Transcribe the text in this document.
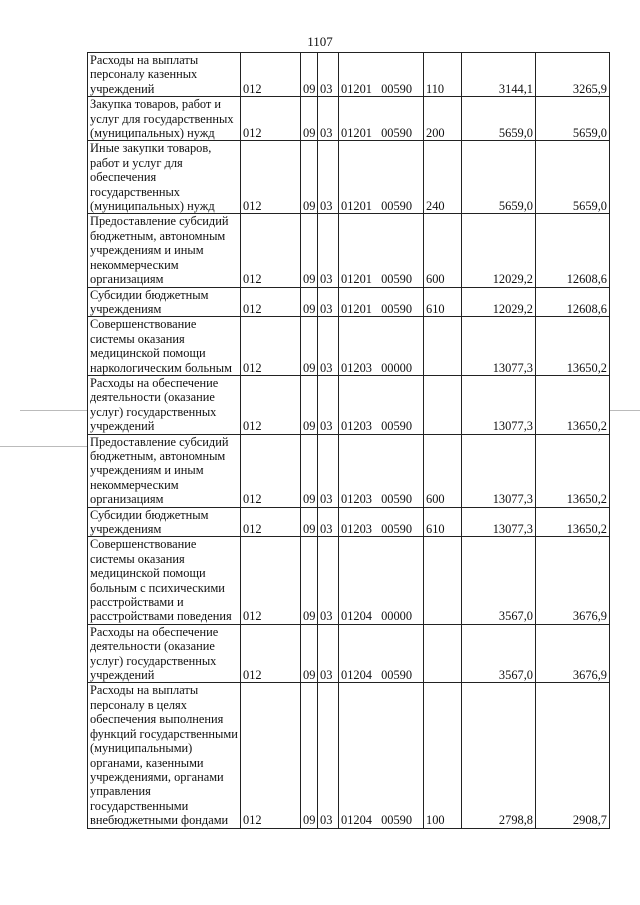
1107
Расходы на выплаты персоналу казенных учреждений	012	09	03	01201 00590	110	3144,1	3265,9
Закупка товаров, работ и услуг для государственных (муниципальных) нужд	012	09	03	01201 00590	200	5659,0	5659,0
Иные закупки товаров, работ и услуг для обеспечения государственных (муниципальных) нужд	012	09	03	01201 00590	240	5659,0	5659,0
Предоставление субсидий бюджетным, автономным учреждениям и иным некоммерческим организациям	012	09	03	01201 00590	600	12029,2	12608,6
Субсидии бюджетным учреждениям	012	09	03	01201 00590	610	12029,2	12608,6
Совершенствование системы оказания медицинской помощи наркологическим больным	012	09	03	01203 00000		13077,3	13650,2
Расходы на обеспечение деятельности (оказание услуг) государственных учреждений	012	09	03	01203 00590		13077,3	13650,2
Предоставление субсидий бюджетным, автономным учреждениям и иным некоммерческим организациям	012	09	03	01203 00590	600	13077,3	13650,2
Субсидии бюджетным учреждениям	012	09	03	01203 00590	610	13077,3	13650,2
Совершенствование системы оказания медицинской помощи больным с психическими расстройствами и расстройствами поведения	012	09	03	01204 00000		3567,0	3676,9
Расходы на обеспечение деятельности (оказание услуг) государственных учреждений	012	09	03	01204 00590		3567,0	3676,9
Расходы на выплаты персоналу в целях обеспечения выполнения функций государственными (муниципальными) органами, казенными учреждениями, органами управления государственными внебюджетными фондами	012	09	03	01204 00590	100	2798,8	2908,7
